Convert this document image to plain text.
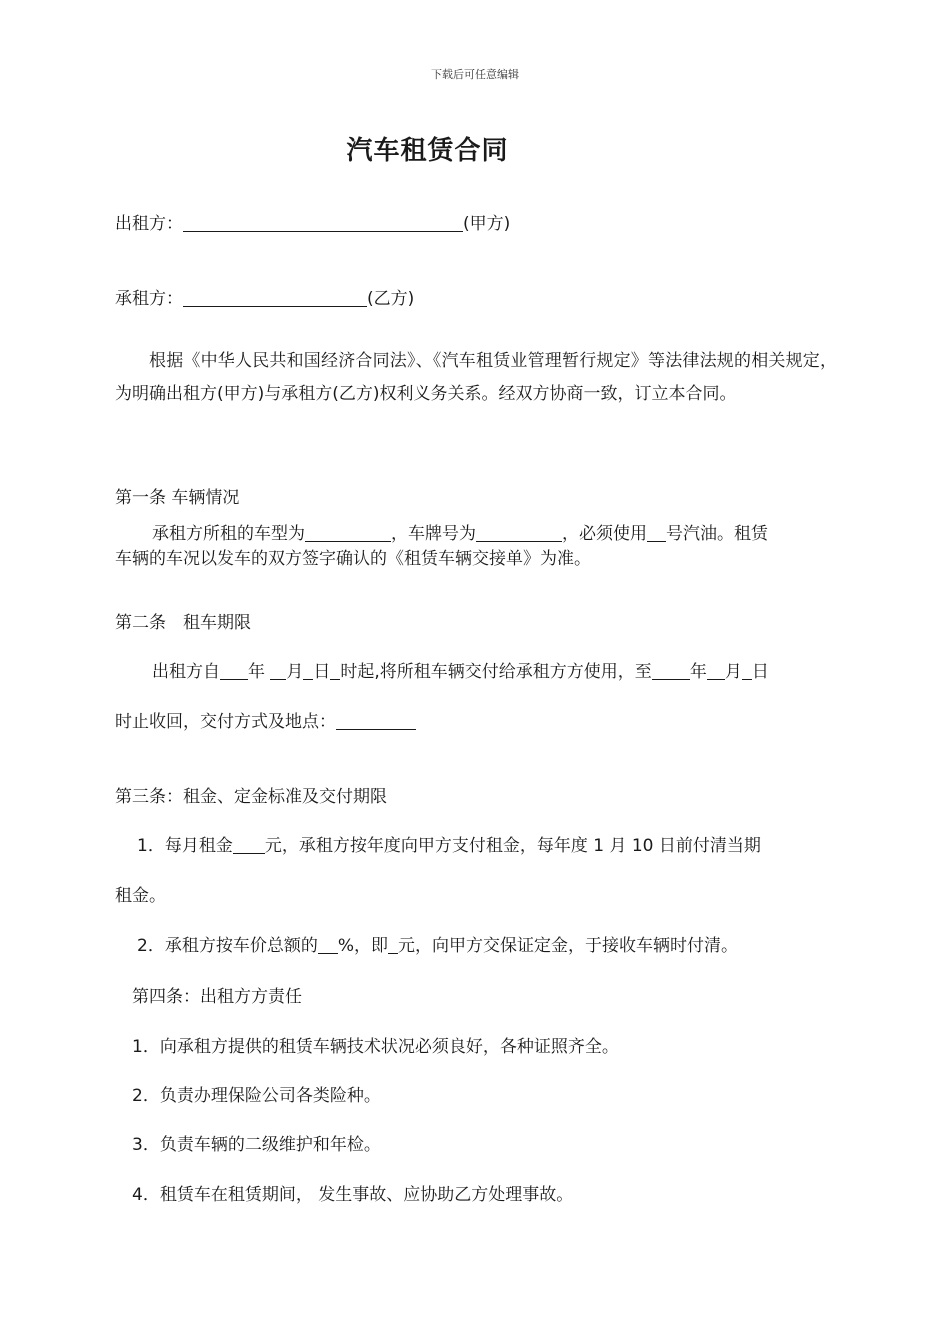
下载后可任意编辑
汽车租赁合同
出租方：	(甲方)
承租方：	(乙方)
根据《中华人民共和国经济合同法》、《汽车租赁业管理暂行规定》等法律法规的相关规定，为明确出租方(甲方)与承租方(乙方)权利义务关系。经双方协商一致，订立本合同。
第一条 车辆情况
承租方所租的车型为	，车牌号为	，必须使用 号汽油。租赁
车辆的车况以发车的双方签字确认的《租赁车辆交接单》为准。
第二条　租车期限
出租方自 年 月 日 时起,将所租车辆交付给承租方方使用，至 年 月 日
时止收回，交付方式及地点：
第三条：租金、定金标准及交付期限
1．每月租金 元，承租方按年度向甲方支付租金，每年度 1 月 10 日前付清当期
租金。
2．承租方按车价总额的 %，即 元，向甲方交保证定金，于接收车辆时付清。
第四条：出租方方责任
1．向承租方提供的租赁车辆技术状况必须良好，各种证照齐全。
2．负责办理保险公司各类险种。
3．负责车辆的二级维护和年检。
4．租赁车在租赁期间， 发生事故、应协助乙方处理事故。
